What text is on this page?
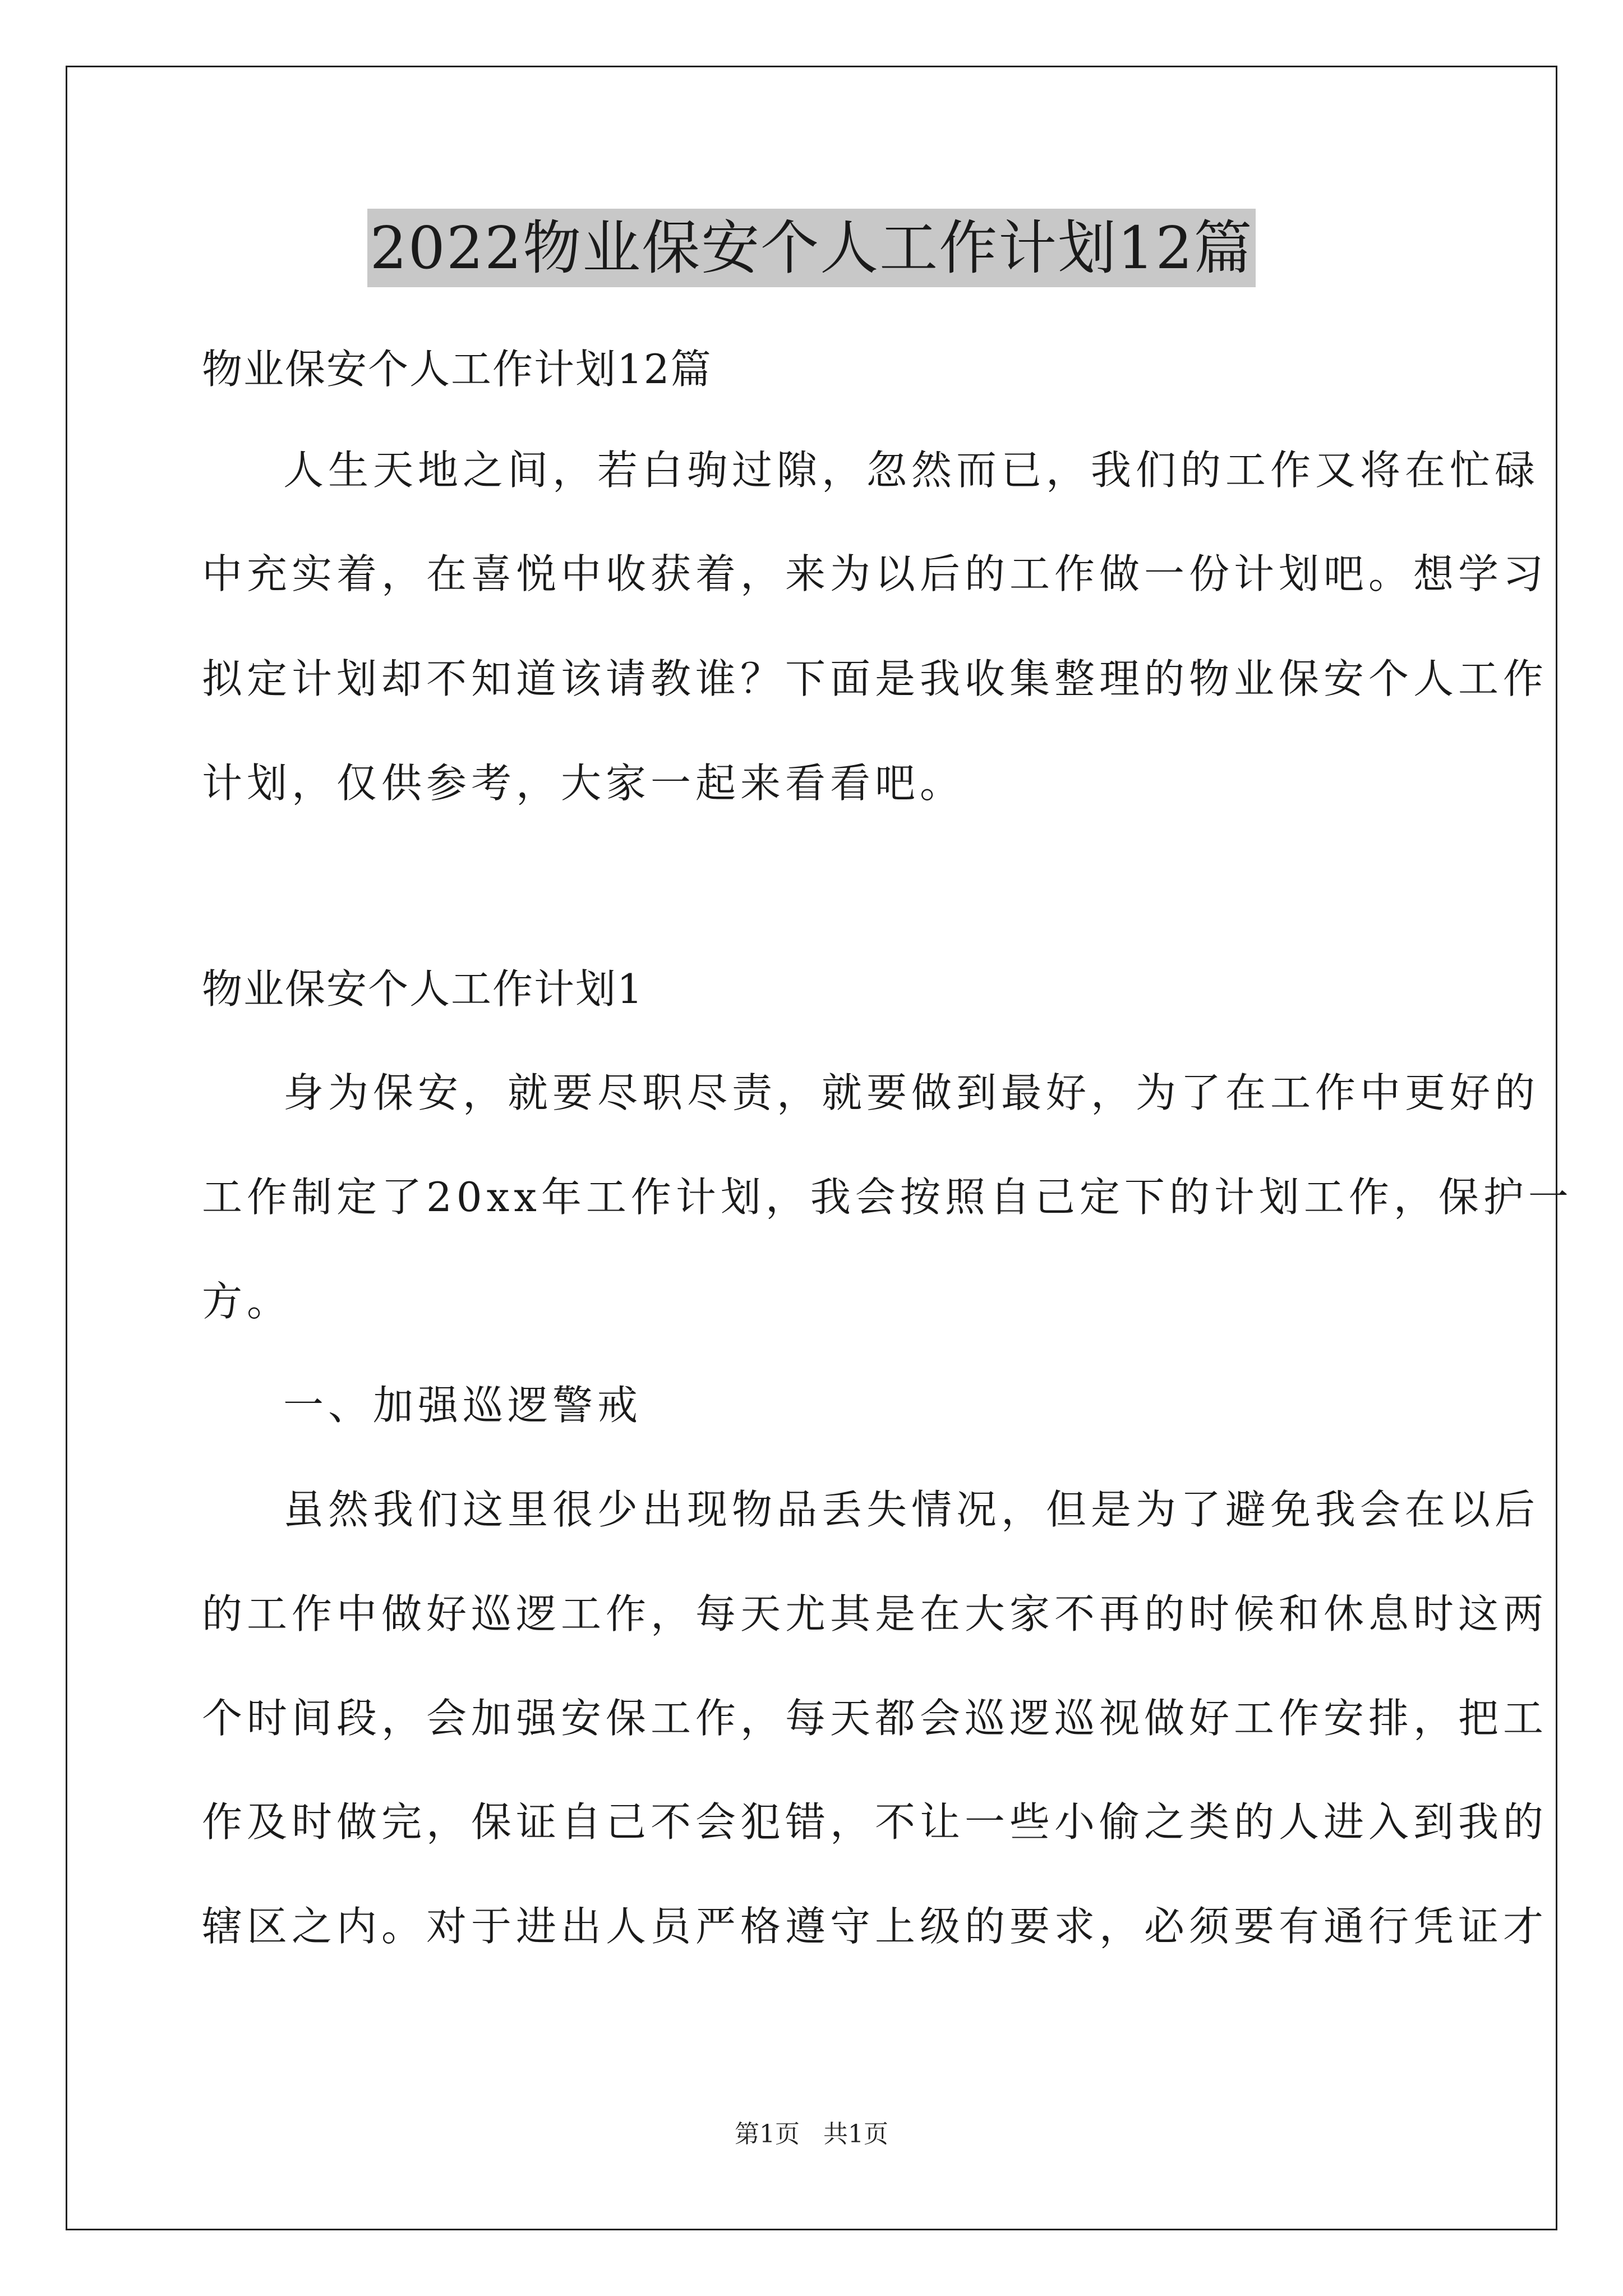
2022物业保安个人工作计划12篇
物业保安个人工作计划12篇
人生天地之间，若白驹过隙，忽然而已，我们的工作又将在忙碌
中充实着，在喜悦中收获着，来为以后的工作做一份计划吧。想学习
拟定计划却不知道该请教谁？下面是我收集整理的物业保安个人工作
计划，仅供参考，大家一起来看看吧。
物业保安个人工作计划1
身为保安，就要尽职尽责，就要做到最好，为了在工作中更好的
工作制定了20xx年工作计划，我会按照自己定下的计划工作，保护一
方。
一、加强巡逻警戒
虽然我们这里很少出现物品丢失情况，但是为了避免我会在以后
的工作中做好巡逻工作，每天尤其是在大家不再的时候和休息时这两
个时间段，会加强安保工作，每天都会巡逻巡视做好工作安排，把工
作及时做完，保证自己不会犯错，不让一些小偷之类的人进入到我的
辖区之内。对于进出人员严格遵守上级的要求，必须要有通行凭证才
第1页   共1页
